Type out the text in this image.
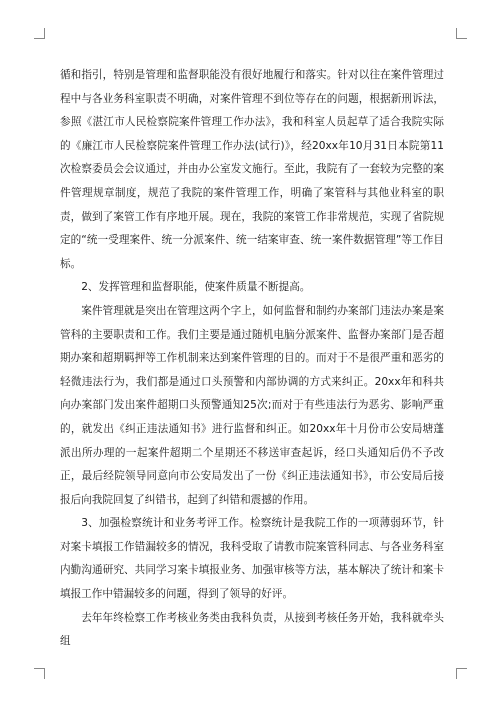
循和指引，特别是管理和监督职能没有很好地履行和落实。针对以往在案件管理过程中与各业务科室职责不明确，对案件管理不到位等存在的问题，根据新刑诉法，参照《湛江市人民检察院案件管理工作办法》，我和科室人员起草了适合我院实际的《廉江市人民检察院案件管理工作办法(试行)》，经20xx年10月31日本院第11次检察委员会会议通过，并由办公室发文施行。至此，我院有了一套较为完整的案件管理规章制度，规范了我院的案件管理工作，明确了案管科与其他业科室的职责，做到了案管工作有序地开展。现在，我院的案管工作非常规范，实现了省院规定的“统一受理案件、统一分派案件、统一结案审查、统一案件数据管理”等工作目标。

2、发挥管理和监督职能，使案件质量不断提高。

案件管理就是突出在管理这两个字上，如何监督和制约办案部门违法办案是案管科的主要职责和工作。我们主要是通过随机电脑分派案件、监督办案部门是否超期办案和超期羁押等工作机制来达到案件管理的目的。而对于不是很严重和恶劣的轻微违法行为，我们都是通过口头预警和内部协调的方式来纠正。20xx年和科共向办案部门发出案件超期口头预警通知25次;而对于有些违法行为恶劣、影响严重的，就发出《纠正违法通知书》进行监督和纠正。如20xx年十月份市公安局塘蓬派出所办理的一起案件超期二个星期还不移送审查起诉，经口头通知后仍不予改正，最后经院领导同意向市公安局发出了一份《纠正违法通知书》，市公安局后接报后向我院回复了纠错书，起到了纠错和震撼的作用。

3、加强检察统计和业务考评工作。检察统计是我院工作的一项薄弱环节，针对案卡填报工作错漏较多的情况，我科受取了请教市院案管科同志、与各业务科室内勤沟通研究、共同学习案卡填报业务、加强审核等方法，基本解决了统计和案卡填报工作中错漏较多的问题，得到了领导的好评。

去年年终检察工作考核业务类由我科负责，从接到考核任务开始，我科就牵头组
